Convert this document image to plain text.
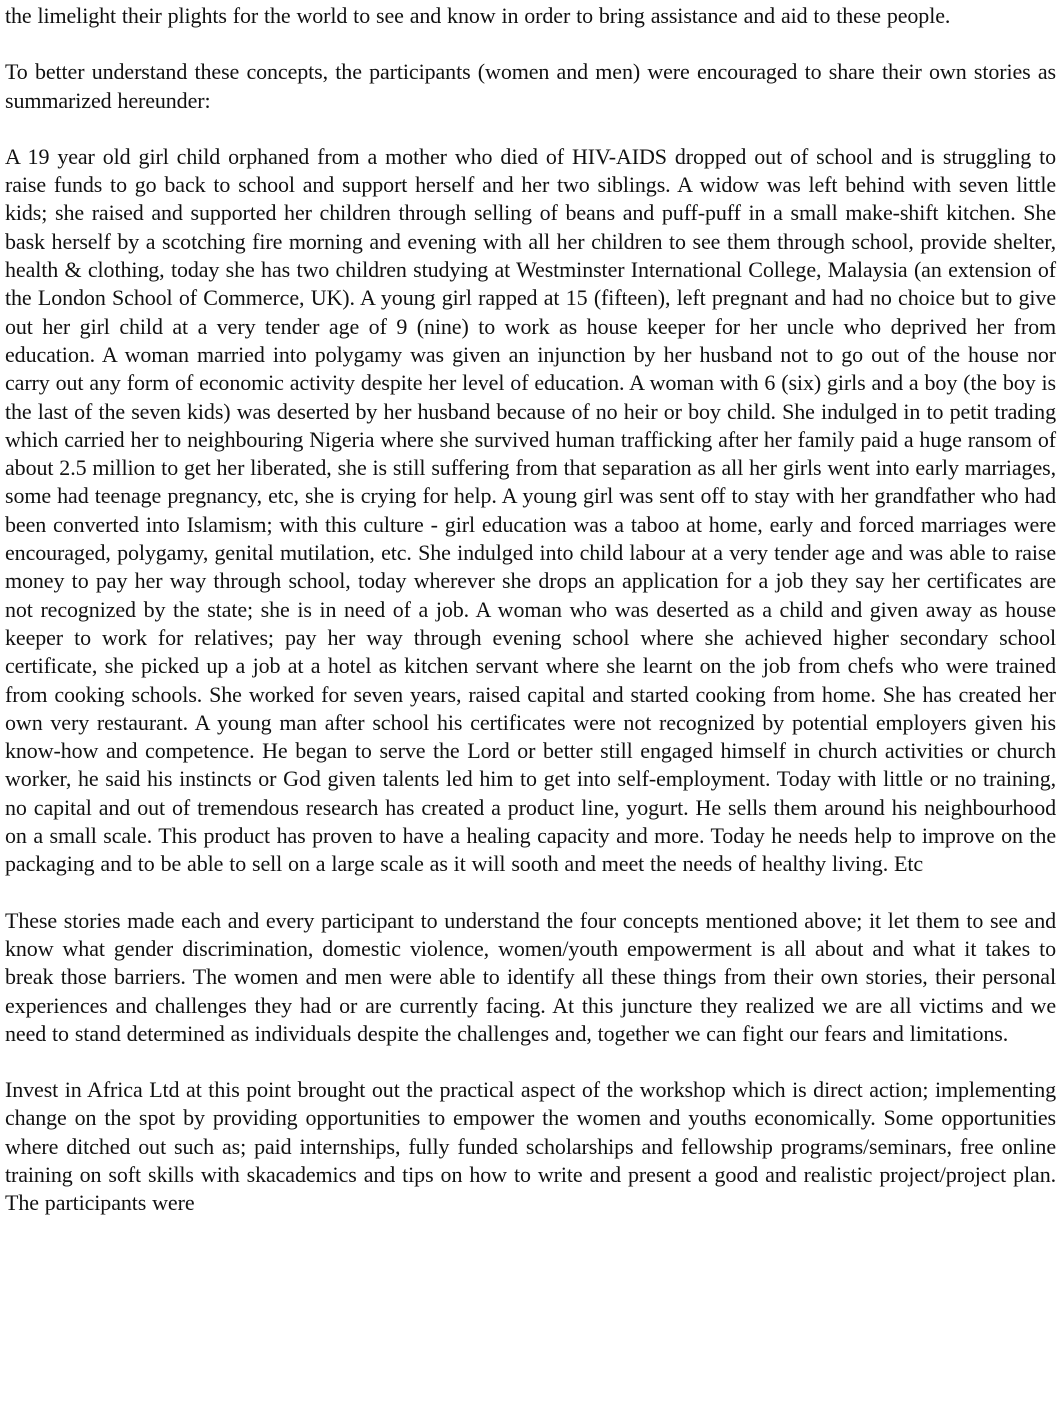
the limelight their plights for the world to see and know in order to bring assistance and aid to these people.

To better understand these concepts, the participants (women and men) were encouraged to share their own stories as summarized hereunder:

A 19 year old girl child orphaned from a mother who died of HIV-AIDS dropped out of school and is struggling to raise funds to go back to school and support herself and her two siblings. A widow was left behind with seven little kids; she raised and supported her children through selling of beans and puff-puff in a small make-shift kitchen. She bask herself by a scotching fire morning and evening with all her children to see them through school, provide shelter, health & clothing, today she has two children studying at Westminster International College, Malaysia (an extension of the London School of Commerce, UK). A young girl rapped at 15 (fifteen), left pregnant and had no choice but to give out her girl child at a very tender age of 9 (nine) to work as house keeper for her uncle who deprived her from education. A woman married into polygamy was given an injunction by her husband not to go out of the house nor carry out any form of economic activity despite her level of education. A woman with 6 (six) girls and a boy (the boy is the last of the seven kids) was deserted by her husband because of no heir or boy child. She indulged in to petit trading which carried her to neighbouring Nigeria where she survived human trafficking after her family paid a huge ransom of about 2.5 million to get her liberated, she is still suffering from that separation as all her girls went into early marriages, some had teenage pregnancy, etc, she is crying for help. A young girl was sent off to stay with her grandfather who had been converted into Islamism; with this culture - girl education was a taboo at home, early and forced marriages were encouraged, polygamy, genital mutilation, etc. She indulged into child labour at a very tender age and was able to raise money to pay her way through school, today wherever she drops an application for a job they say her certificates are not recognized by the state; she is in need of a job. A woman who was deserted as a child and given away as house keeper to work for relatives; pay her way through evening school where she achieved higher secondary school certificate, she picked up a job at a hotel as kitchen servant where she learnt on the job from chefs who were trained from cooking schools. She worked for seven years, raised capital and started cooking from home. She has created her own very restaurant. A young man after school his certificates were not recognized by potential employers given his know-how and competence. He began to serve the Lord or better still engaged himself in church activities or church worker, he said his instincts or God given talents led him to get into self-employment. Today with little or no training, no capital and out of tremendous research has created a product line, yogurt. He sells them around his neighbourhood on a small scale. This product has proven to have a healing capacity and more. Today he needs help to improve on the packaging and to be able to sell on a large scale as it will sooth and meet the needs of healthy living. Etc

These stories made each and every participant to understand the four concepts mentioned above; it let them to see and know what gender discrimination, domestic violence, women/youth empowerment is all about and what it takes to break those barriers. The women and men were able to identify all these things from their own stories, their personal experiences and challenges they had or are currently facing. At this juncture they realized we are all victims and we need to stand determined as individuals despite the challenges and, together we can fight our fears and limitations.

Invest in Africa Ltd at this point brought out the practical aspect of the workshop which is direct action; implementing change on the spot by providing opportunities to empower the women and youths economically. Some opportunities where ditched out such as; paid internships, fully funded scholarships and fellowship programs/seminars, free online training on soft skills with skacademics and tips on how to write and present a good and realistic project/project plan. The participants were
